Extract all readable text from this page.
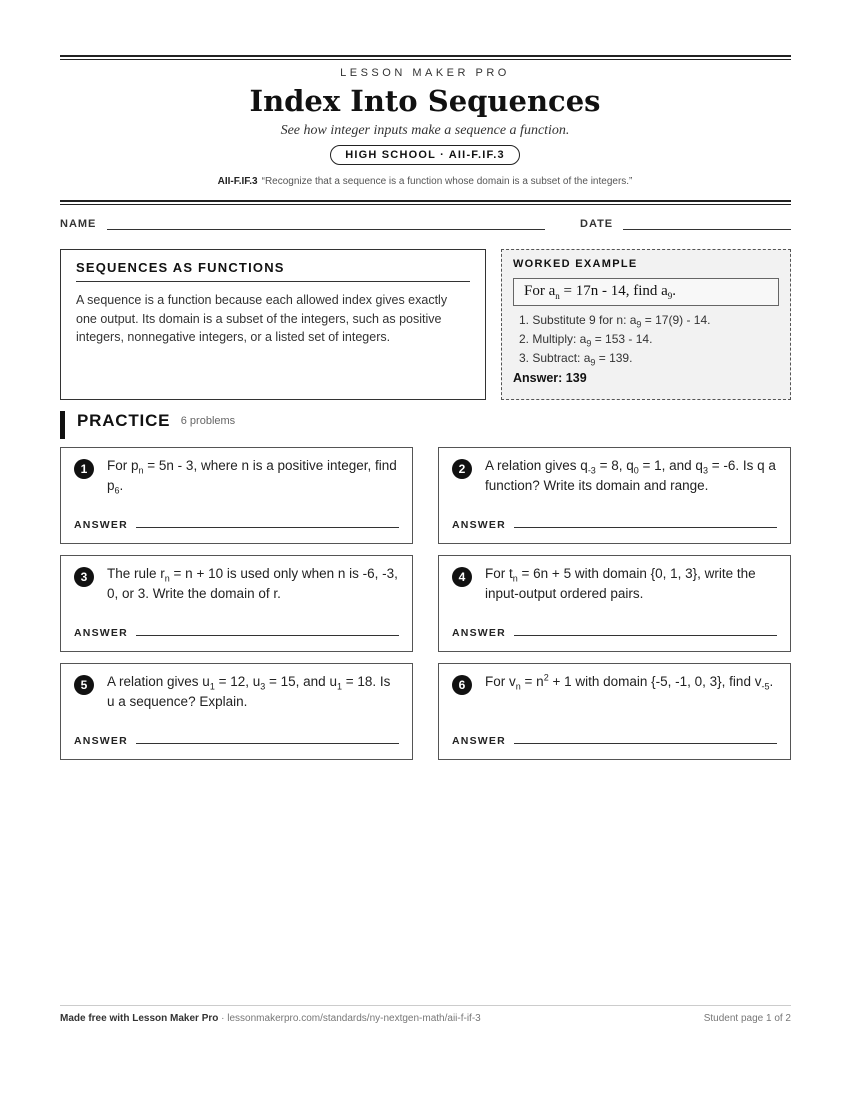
LESSON MAKER PRO
Index Into Sequences
See how integer inputs make a sequence a function.
HIGH SCHOOL · AII-F.IF.3
AII-F.IF.3 “Recognize that a sequence is a function whose domain is a subset of the integers.”
NAME	DATE
SEQUENCES AS FUNCTIONS

A sequence is a function because each allowed index gives exactly one output. Its domain is a subset of the integers, such as positive integers, nonnegative integers, or a listed set of integers.

WORKED EXAMPLE
For $a_n = 17n - 14$, find $a_9$.
1. Substitute 9 for n: $a_9 = 17(9) - 14$.
2. Multiply: $a_9 = 153 - 14$.
3. Subtract: $a_9 = 139$.
Answer: 139
PRACTICE 6 problems
1	For $p_n = 5n - 3$, where n is a positive integer, find $p_6$.
ANSWER
2	A relation gives $q_{-3} = 8$, $q_0 = 1$, and $q_3 = -6$. Is q a function? Write its domain and range.
ANSWER
3	The rule $r_n = n + 10$ is used only when n is -6, -3, 0, or 3. Write the domain of r.
ANSWER
4	For $t_n = 6n + 5$ with domain {0, 1, 3}, write the input-output ordered pairs.
ANSWER
5	A relation gives $u_1 = 12$, $u_3 = 15$, and $u_1 = 18$. Is u a sequence? Explain.
ANSWER
6	For $v_n = n^2 + 1$ with domain {-5, -1, 0, 3}, find $v_{-5}$.
ANSWER
Made free with Lesson Maker Pro · lessonmakerpro.com/standards/ny-nextgen-math/aii-f-if-3	Student page 1 of 2
